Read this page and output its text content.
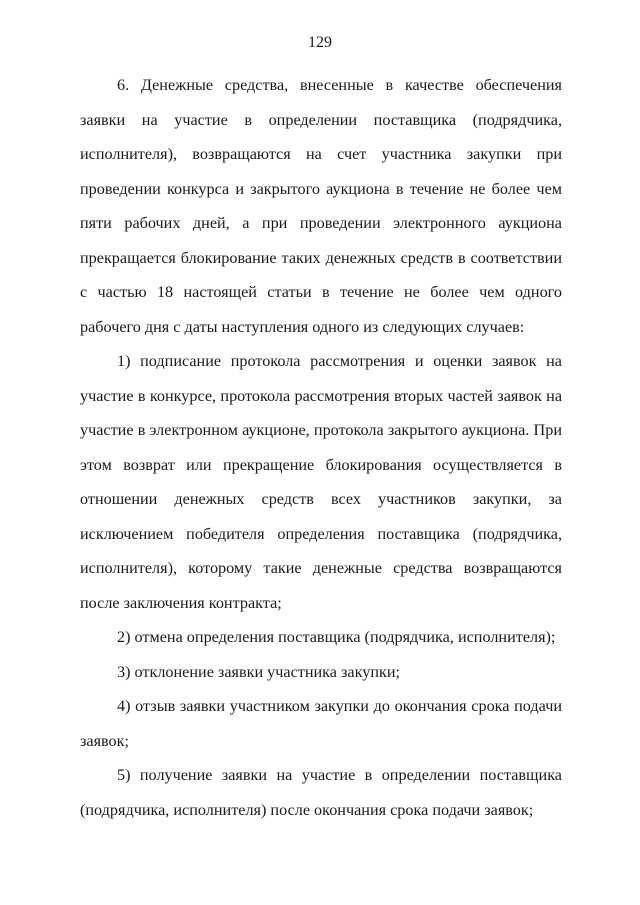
129

6. Денежные средства, внесенные в качестве обеспечения заявки на участие в определении поставщика (подрядчика, исполнителя), возвращаются на счет участника закупки при проведении конкурса и закрытого аукциона в течение не более чем пяти рабочих дней, а при проведении электронного аукциона прекращается блокирование таких денежных средств в соответствии с частью 18 настоящей статьи в течение не более чем одного рабочего дня с даты наступления одного из следующих случаев:

1) подписание протокола рассмотрения и оценки заявок на участие в конкурсе, протокола рассмотрения вторых частей заявок на участие в электронном аукционе, протокола закрытого аукциона. При этом возврат или прекращение блокирования осуществляется в отношении денежных средств всех участников закупки, за исключением победителя определения поставщика (подрядчика, исполнителя), которому такие денежные средства возвращаются после заключения контракта;

2) отмена определения поставщика (подрядчика, исполнителя);

3) отклонение заявки участника закупки;

4) отзыв заявки участником закупки до окончания срока подачи заявок;

5) получение заявки на участие в определении поставщика (подрядчика, исполнителя) после окончания срока подачи заявок;
